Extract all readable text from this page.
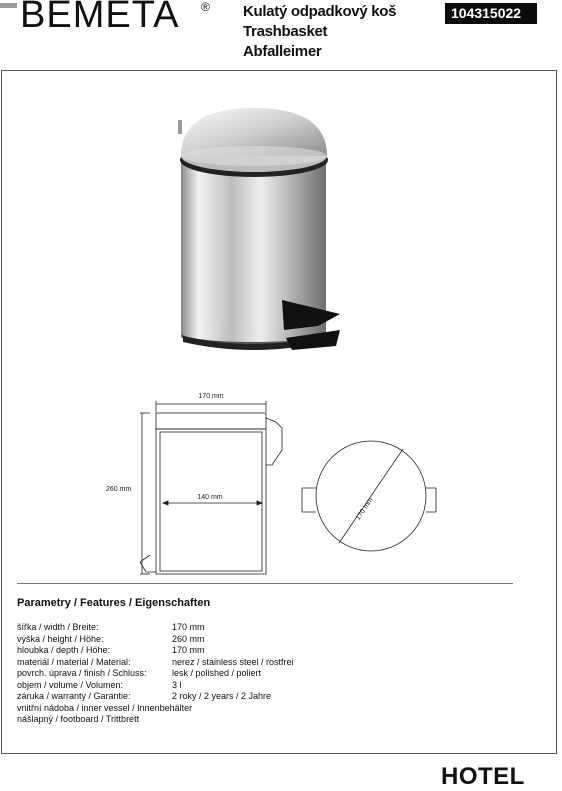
BEMETA ® Kulatý odpadkový koš
Trashbasket
Abfalleimer
104315022
170 mm
260 mm
140 mm	170 mm
Parametry / Features / Eigenschaften
šířka / width / Breite:
výška / height / Höhe:
hloubka / depth / Höhe:
materiál / material / Material:
povrch. úprava / finish / Schluss:
objem / volume / Volumen:
záruka / warranty / Garantie:
vnitřní nádoba / inner vessel / Innenbehälter
nášlapný / footboard / Trittbrett
170 mm
260 mm
170 mm
nerez / stainless steel / rostfrei
lesk / polished / poliert
3 l
2 roky / 2 years / 2 Jahre
HOTEL
